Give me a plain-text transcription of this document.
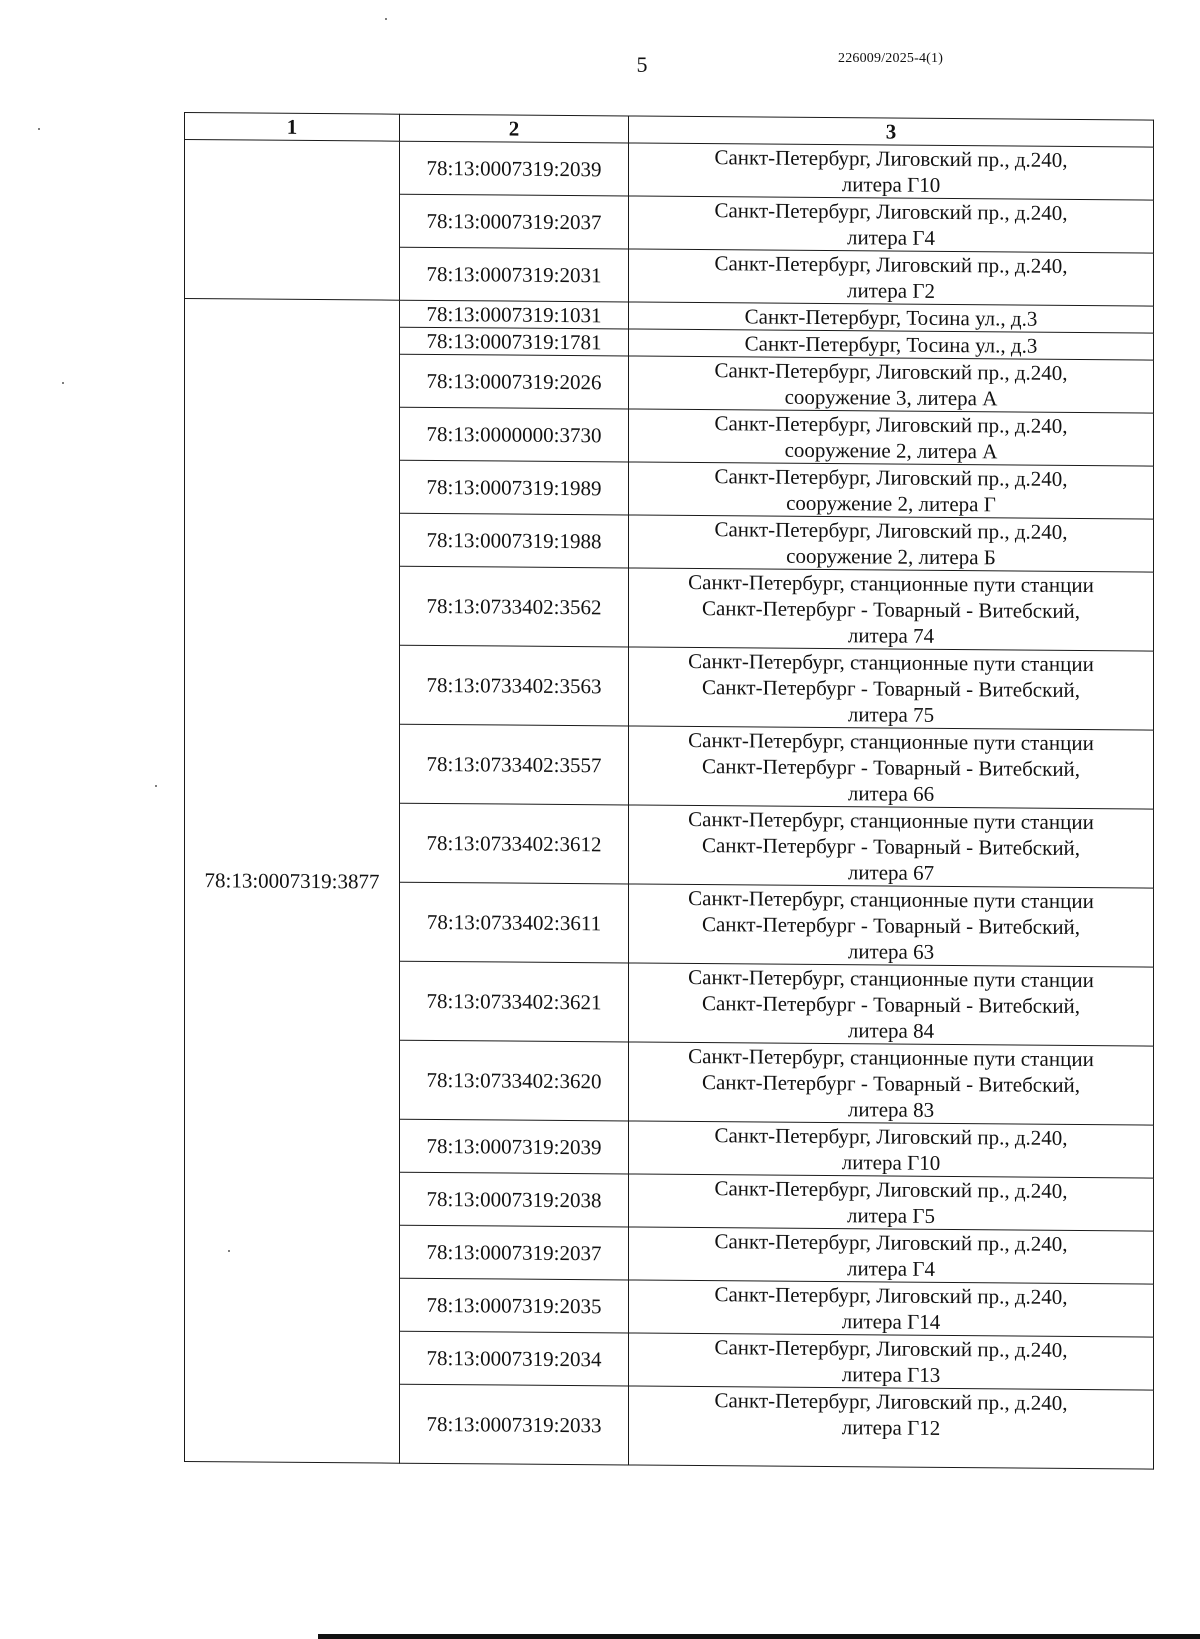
5	226009/2025-4(1)
1	2	3
	78:13:0007319:2039	Санкт-Петербург, Лиговский пр., д.240,
литера Г10

	78:13:0007319:2037	Санкт-Петербург, Лиговский пр., д.240,
литера Г4

	78:13:0007319:2031	Санкт-Петербург, Лиговский пр., д.240,
литера Г2

78:13:0007319:3877	78:13:0007319:1031	Санкт-Петербург, Тосина ул., д.3

	78:13:0007319:1781	Санкт-Петербург, Тосина ул., д.3

	78:13:0007319:2026	Санкт-Петербург, Лиговский пр., д.240,
сооружение 3, литера А

	78:13:0000000:3730	Санкт-Петербург, Лиговский пр., д.240,
сооружение 2, литера А

	78:13:0007319:1989	Санкт-Петербург, Лиговский пр., д.240,
сооружение 2, литера Г

	78:13:0007319:1988	Санкт-Петербург, Лиговский пр., д.240,
сооружение 2, литера Б

	78:13:0733402:3562	Санкт-Петербург, станционные пути станции
Санкт-Петербург - Товарный - Витебский,
литера 74

	78:13:0733402:3563	Санкт-Петербург, станционные пути станции
Санкт-Петербург - Товарный - Витебский,
литера 75

	78:13:0733402:3557	Санкт-Петербург, станционные пути станции
Санкт-Петербург - Товарный - Витебский,
литера 66

	78:13:0733402:3612	Санкт-Петербург, станционные пути станции
Санкт-Петербург - Товарный - Витебский,
литера 67

	78:13:0733402:3611	Санкт-Петербург, станционные пути станции
Санкт-Петербург - Товарный - Витебский,
литера 63

	78:13:0733402:3621	Санкт-Петербург, станционные пути станции
Санкт-Петербург - Товарный - Витебский,
литера 84

	78:13:0733402:3620	Санкт-Петербург, станционные пути станции
Санкт-Петербург - Товарный - Витебский,
литера 83

	78:13:0007319:2039	Санкт-Петербург, Лиговский пр., д.240,
литера Г10

	78:13:0007319:2038	Санкт-Петербург, Лиговский пр., д.240,
литера Г5

	78:13:0007319:2037	Санкт-Петербург, Лиговский пр., д.240,
литера Г4

	78:13:0007319:2035	Санкт-Петербург, Лиговский пр., д.240,
литера Г14

	78:13:0007319:2034	Санкт-Петербург, Лиговский пр., д.240,
литера Г13

	78:13:0007319:2033	Санкт-Петербург, Лиговский пр., д.240,
литера Г12
